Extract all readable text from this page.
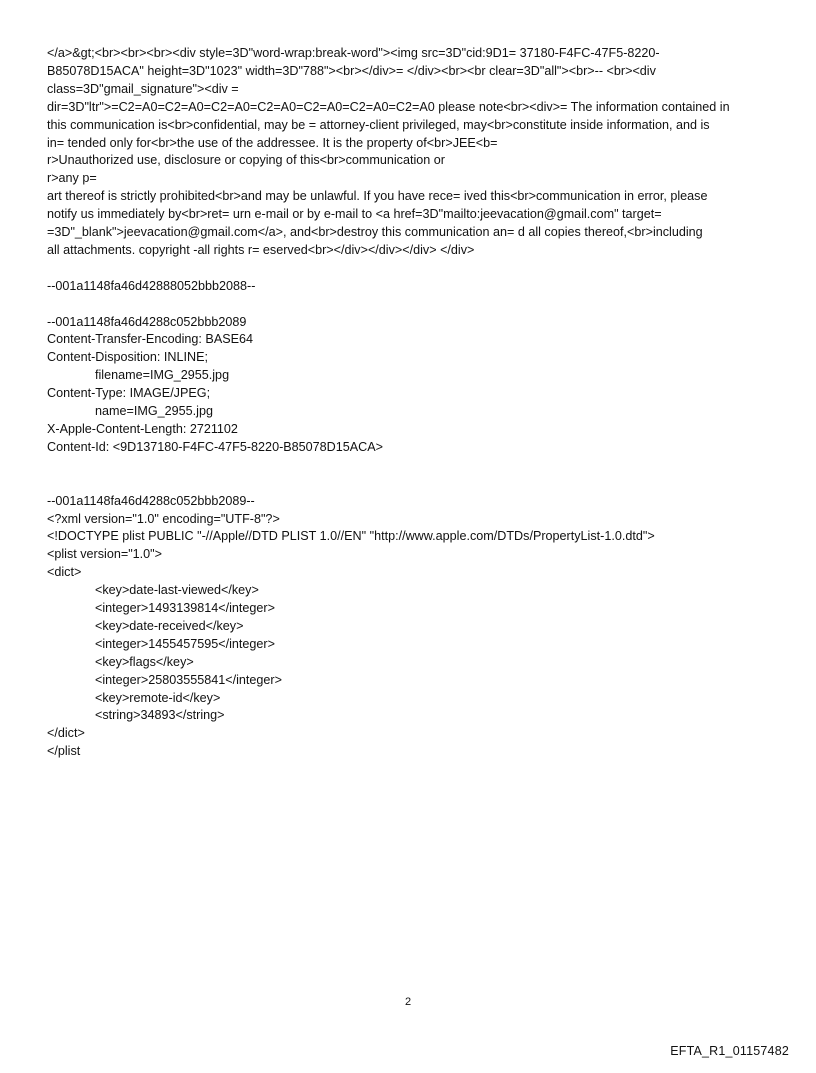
</a>&gt;<br><br><br><div style=3D"word-wrap:break-word"><img src=3D"cid:9D1= 37180-F4FC-47F5-8220-
B85078D15ACA" height=3D"1023" width=3D"788"><br></div>= </div><br><br clear=3D"all"><br>-- <br><div
class=3D"gmail_signature"><div =
dir=3D"ltr">=C2=A0=C2=A0=C2=A0=C2=A0=C2=A0=C2=A0=C2=A0 please note<br><div>= The information contained in
this communication is<br>confidential, may be = attorney-client privileged, may<br>constitute inside information, and is
in= tended only for<br>the use of the addressee. It is the property of<br>JEE<b=
r>Unauthorized use, disclosure or copying of this<br>communication or
r>any p=
art thereof is strictly prohibited<br>and may be unlawful. If you have rece= ived this<br>communication in error, please
notify us immediately by<br>ret= urn e-mail or by e-mail to <a href=3D"mailto:jeevacation@gmail.com" target=
=3D"_blank">jeevacation@gmail.com</a>, and<br>destroy this communication an= d all copies thereof,<br>including
all attachments. copyright -all rights r= eserved<br></div></div></div> </div>
--001a1148fa46d42888052bbb2088--
--001a1148fa46d4288c052bbb2089
Content-Transfer-Encoding: BASE64
Content-Disposition: INLINE;
filename=IMG_2955.jpg
Content-Type: IMAGE/JPEG;
name=IMG_2955.jpg
X-Apple-Content-Length: 2721102
Content-Id: <9D137180-F4FC-47F5-8220-B85078D15ACA>
--001a1148fa46d4288c052bbb2089--
<?xml version="1.0" encoding="UTF-8"?>
<!DOCTYPE plist PUBLIC "-//Apple//DTD PLIST 1.0//EN" "http://www.apple.com/DTDs/PropertyList-1.0.dtd">
<plist version="1.0">
<dict>
<key>date-last-viewed</key>
<integer>1493139814</integer>
<key>date-received</key>
<integer>1455457595</integer>
<key>flags</key>
<integer>25803555841</integer>
<key>remote-id</key>
<string>34893</string>
</dict>
</plist
2
EFTA_R1_01157482
